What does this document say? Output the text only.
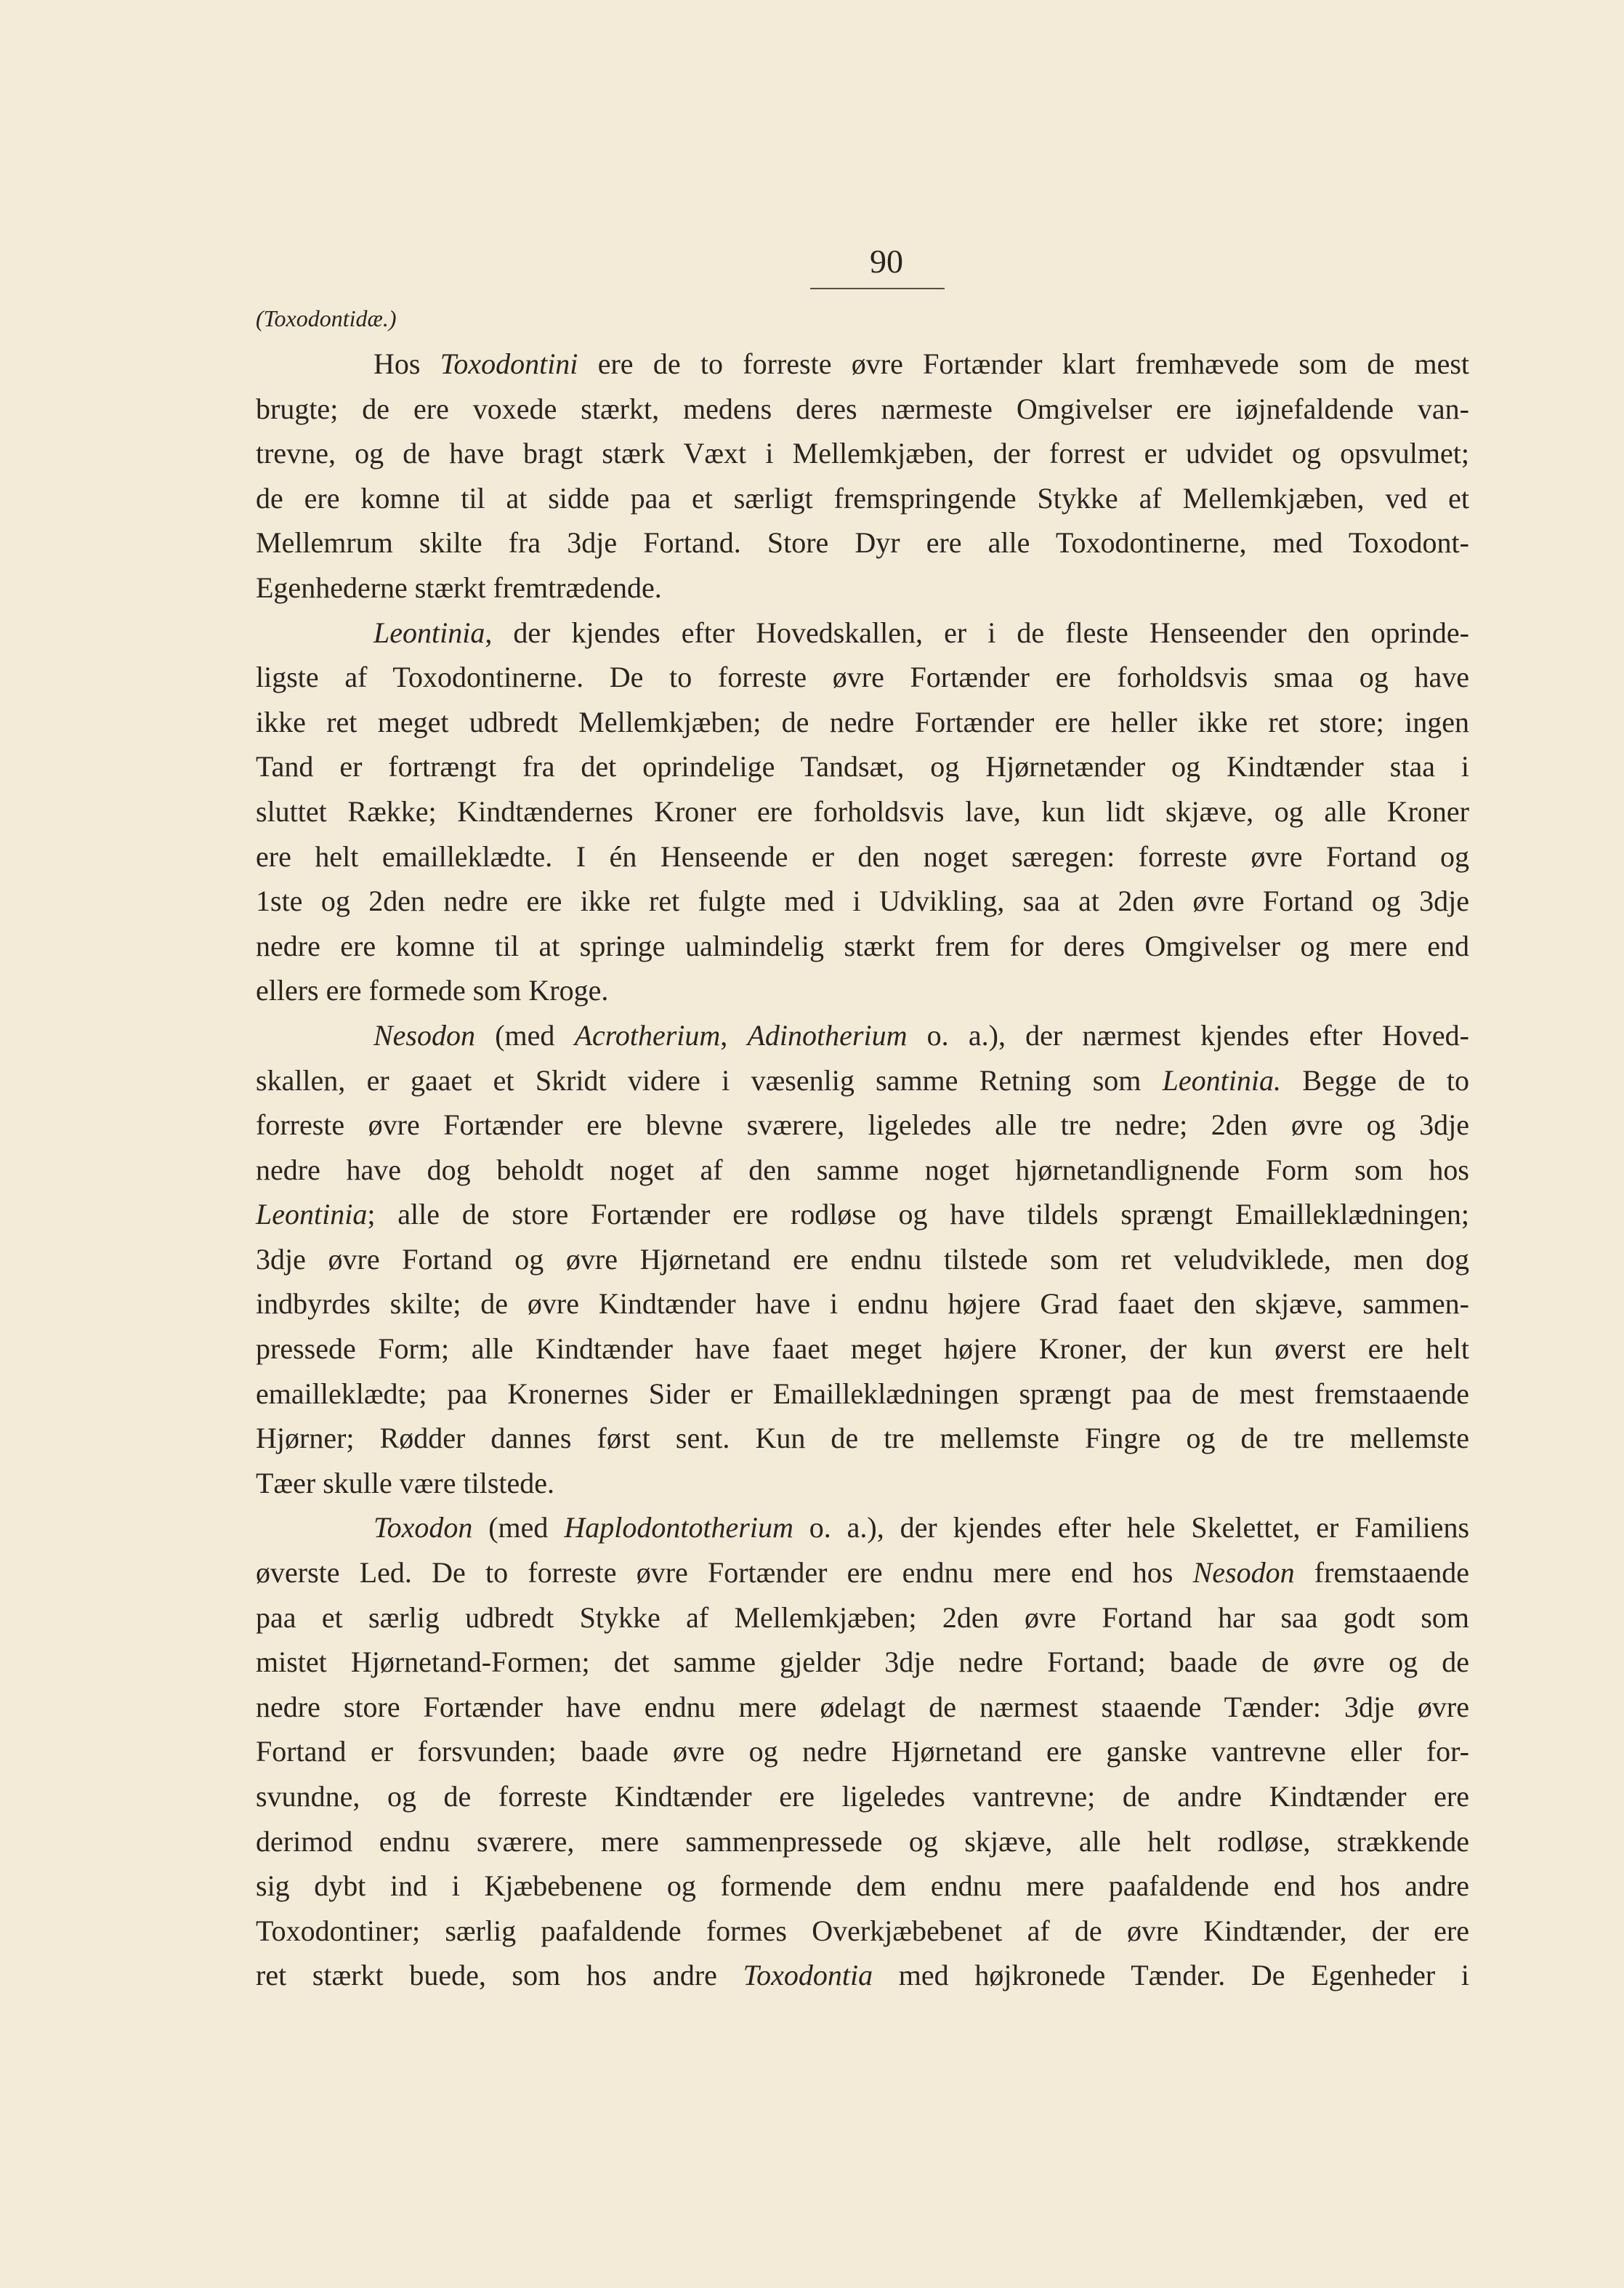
90
(Toxodontidæ.)
Hos Toxodontini ere de to forreste øvre Fortænder klart fremhævede som de mest
brugte; de ere voxede stærkt, medens deres nærmeste Omgivelser ere iøjnefaldende van-
trevne, og de have bragt stærk Væxt i Mellemkjæben, der forrest er udvidet og opsvulmet;
de ere komne til at sidde paa et særligt fremspringende Stykke af Mellemkjæben, ved et
Mellemrum skilte fra 3dje Fortand. Store Dyr ere alle Toxodontinerne, med Toxodont-
Egenhederne stærkt fremtrædende.
Leontinia, der kjendes efter Hovedskallen, er i de fleste Henseender den oprinde-
ligste af Toxodontinerne. De to forreste øvre Fortænder ere forholdsvis smaa og have
ikke ret meget udbredt Mellemkjæben; de nedre Fortænder ere heller ikke ret store; ingen
Tand er fortrængt fra det oprindelige Tandsæt, og Hjørnetænder og Kindtænder staa i
sluttet Række; Kindtændernes Kroner ere forholdsvis lave, kun lidt skjæve, og alle Kroner
ere helt emailleklædte. I én Henseende er den noget særegen: forreste øvre Fortand og
1ste og 2den nedre ere ikke ret fulgte med i Udvikling, saa at 2den øvre Fortand og 3dje
nedre ere komne til at springe ualmindelig stærkt frem for deres Omgivelser og mere end
ellers ere formede som Kroge.
Nesodon (med Acrotherium, Adinotherium o. a.), der nærmest kjendes efter Hoved-
skallen, er gaaet et Skridt videre i væsenlig samme Retning som Leontinia. Begge de to
forreste øvre Fortænder ere blevne sværere, ligeledes alle tre nedre; 2den øvre og 3dje
nedre have dog beholdt noget af den samme noget hjørnetandlignende Form som hos
Leontinia; alle de store Fortænder ere rodløse og have tildels sprængt Emailleklædningen;
3dje øvre Fortand og øvre Hjørnetand ere endnu tilstede som ret veludviklede, men dog
indbyrdes skilte; de øvre Kindtænder have i endnu højere Grad faaet den skjæve, sammen-
pressede Form; alle Kindtænder have faaet meget højere Kroner, der kun øverst ere helt
emailleklædte; paa Kronernes Sider er Emailleklædningen sprængt paa de mest fremstaaende
Hjørner; Rødder dannes først sent. Kun de tre mellemste Fingre og de tre mellemste
Tæer skulle være tilstede.
Toxodon (med Haplodontotherium o. a.), der kjendes efter hele Skelettet, er Familiens
øverste Led. De to forreste øvre Fortænder ere endnu mere end hos Nesodon fremstaaende
paa et særlig udbredt Stykke af Mellemkjæben; 2den øvre Fortand har saa godt som
mistet Hjørnetand-Formen; det samme gjelder 3dje nedre Fortand; baade de øvre og de
nedre store Fortænder have endnu mere ødelagt de nærmest staaende Tænder: 3dje øvre
Fortand er forsvunden; baade øvre og nedre Hjørnetand ere ganske vantrevne eller for-
svundne, og de forreste Kindtænder ere ligeledes vantrevne; de andre Kindtænder ere
derimod endnu sværere, mere sammenpressede og skjæve, alle helt rodløse, strækkende
sig dybt ind i Kjæbebenene og formende dem endnu mere paafaldende end hos andre
Toxodontiner; særlig paafaldende formes Overkjæbebenet af de øvre Kindtænder, der ere
ret stærkt buede, som hos andre Toxodontia med højkronede Tænder. De Egenheder i
